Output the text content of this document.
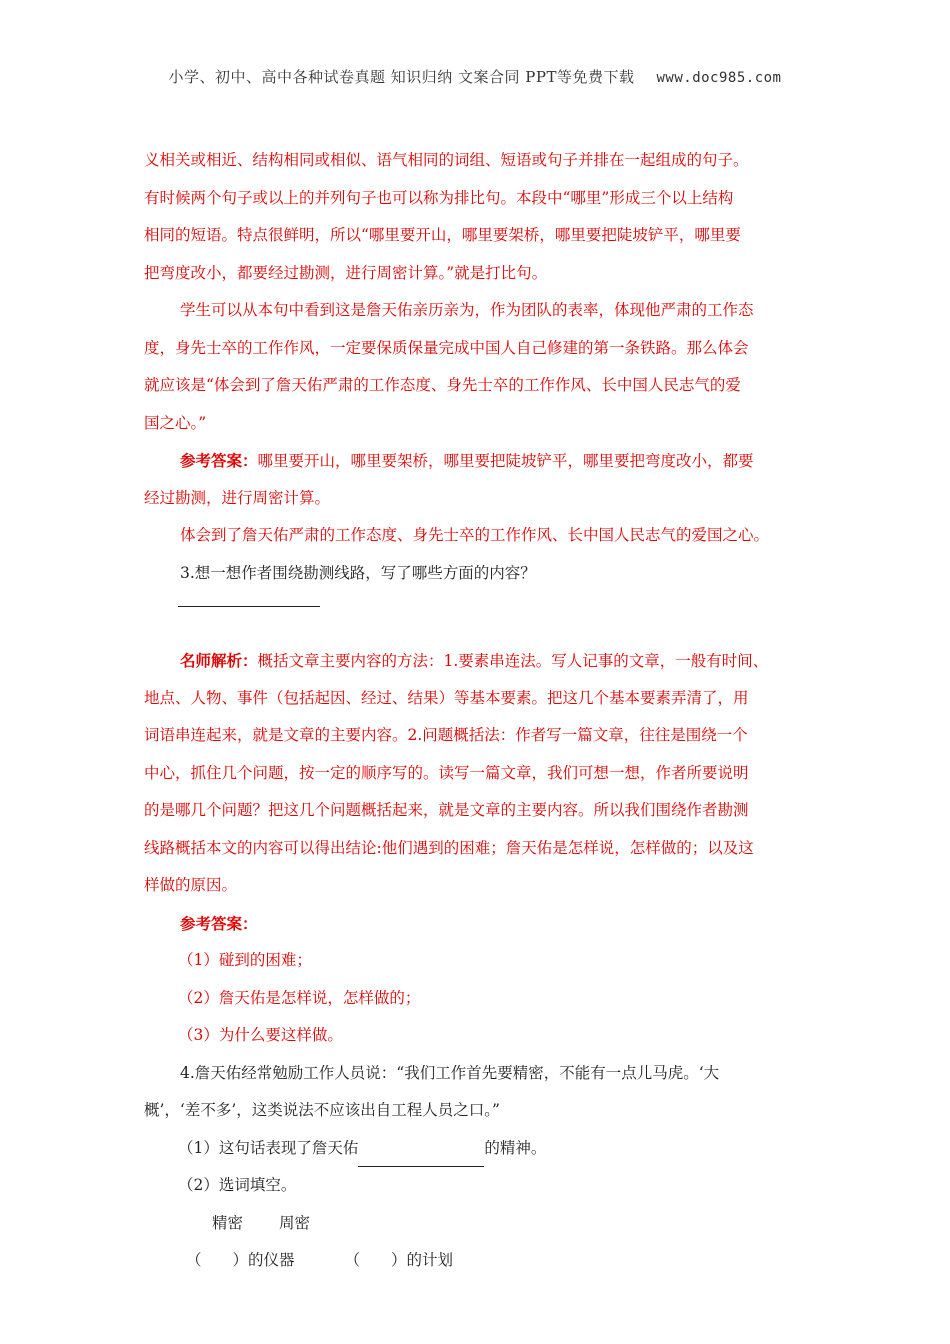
小学、初中、高中各种试卷真题 知识归纳 文案合同 PPT等免费下载 www.doc985.com
义相关或相近、结构相同或相似、语气相同的词组、短语或句子并排在一起组成的句子。
有时候两个句子或以上的并列句子也可以称为排比句。本段中“哪里”形成三个以上结构
相同的短语。特点很鲜明，所以“哪里要开山，哪里要架桥，哪里要把陡坡铲平，哪里要
把弯度改小，都要经过勘测，进行周密计算。”就是打比句。
学生可以从本句中看到这是詹天佑亲历亲为，作为团队的表率，体现他严肃的工作态
度，身先士卒的工作作风，一定要保质保量完成中国人自己修建的第一条铁路。那么体会
就应该是“体会到了詹天佑严肃的工作态度、身先士卒的工作作风、长中国人民志气的爱
国之心。”
参考答案：哪里要开山，哪里要架桥，哪里要把陡坡铲平，哪里要把弯度改小，都要
经过勘测，进行周密计算。
体会到了詹天佑严肃的工作态度、身先士卒的工作作风、长中国人民志气的爱国之心。
3.想一想作者围绕勘测线路，写了哪些方面的内容？
名师解析：概括文章主要内容的方法：1.要素串连法。写人记事的文章，一般有时间、
地点、人物、事件（包括起因、经过、结果）等基本要素。把这几个基本要素弄清了，用
词语串连起来，就是文章的主要内容。2.问题概括法：作者写一篇文章，往往是围绕一个
中心，抓住几个问题，按一定的顺序写的。读写一篇文章，我们可想一想，作者所要说明
的是哪几个问题？把这几个问题概括起来，就是文章的主要内容。所以我们围绕作者勘测
线路概括本文的内容可以得出结论:他们遇到的困难；詹天佑是怎样说，怎样做的；以及这
样做的原因。
参考答案：
（1）碰到的困难；
（2）詹天佑是怎样说，怎样做的；
（3）为什么要这样做。
4.詹天佑经常勉励工作人员说：“我们工作首先要精密，不能有一点儿马虎。‘大
概’，‘差不多’，这类说法不应该出自工程人员之口。”
（1）这句话表现了詹天佑	的精神。
（2）选词填空。
精密 周密
（　　）的仪器	（　　）的计划
